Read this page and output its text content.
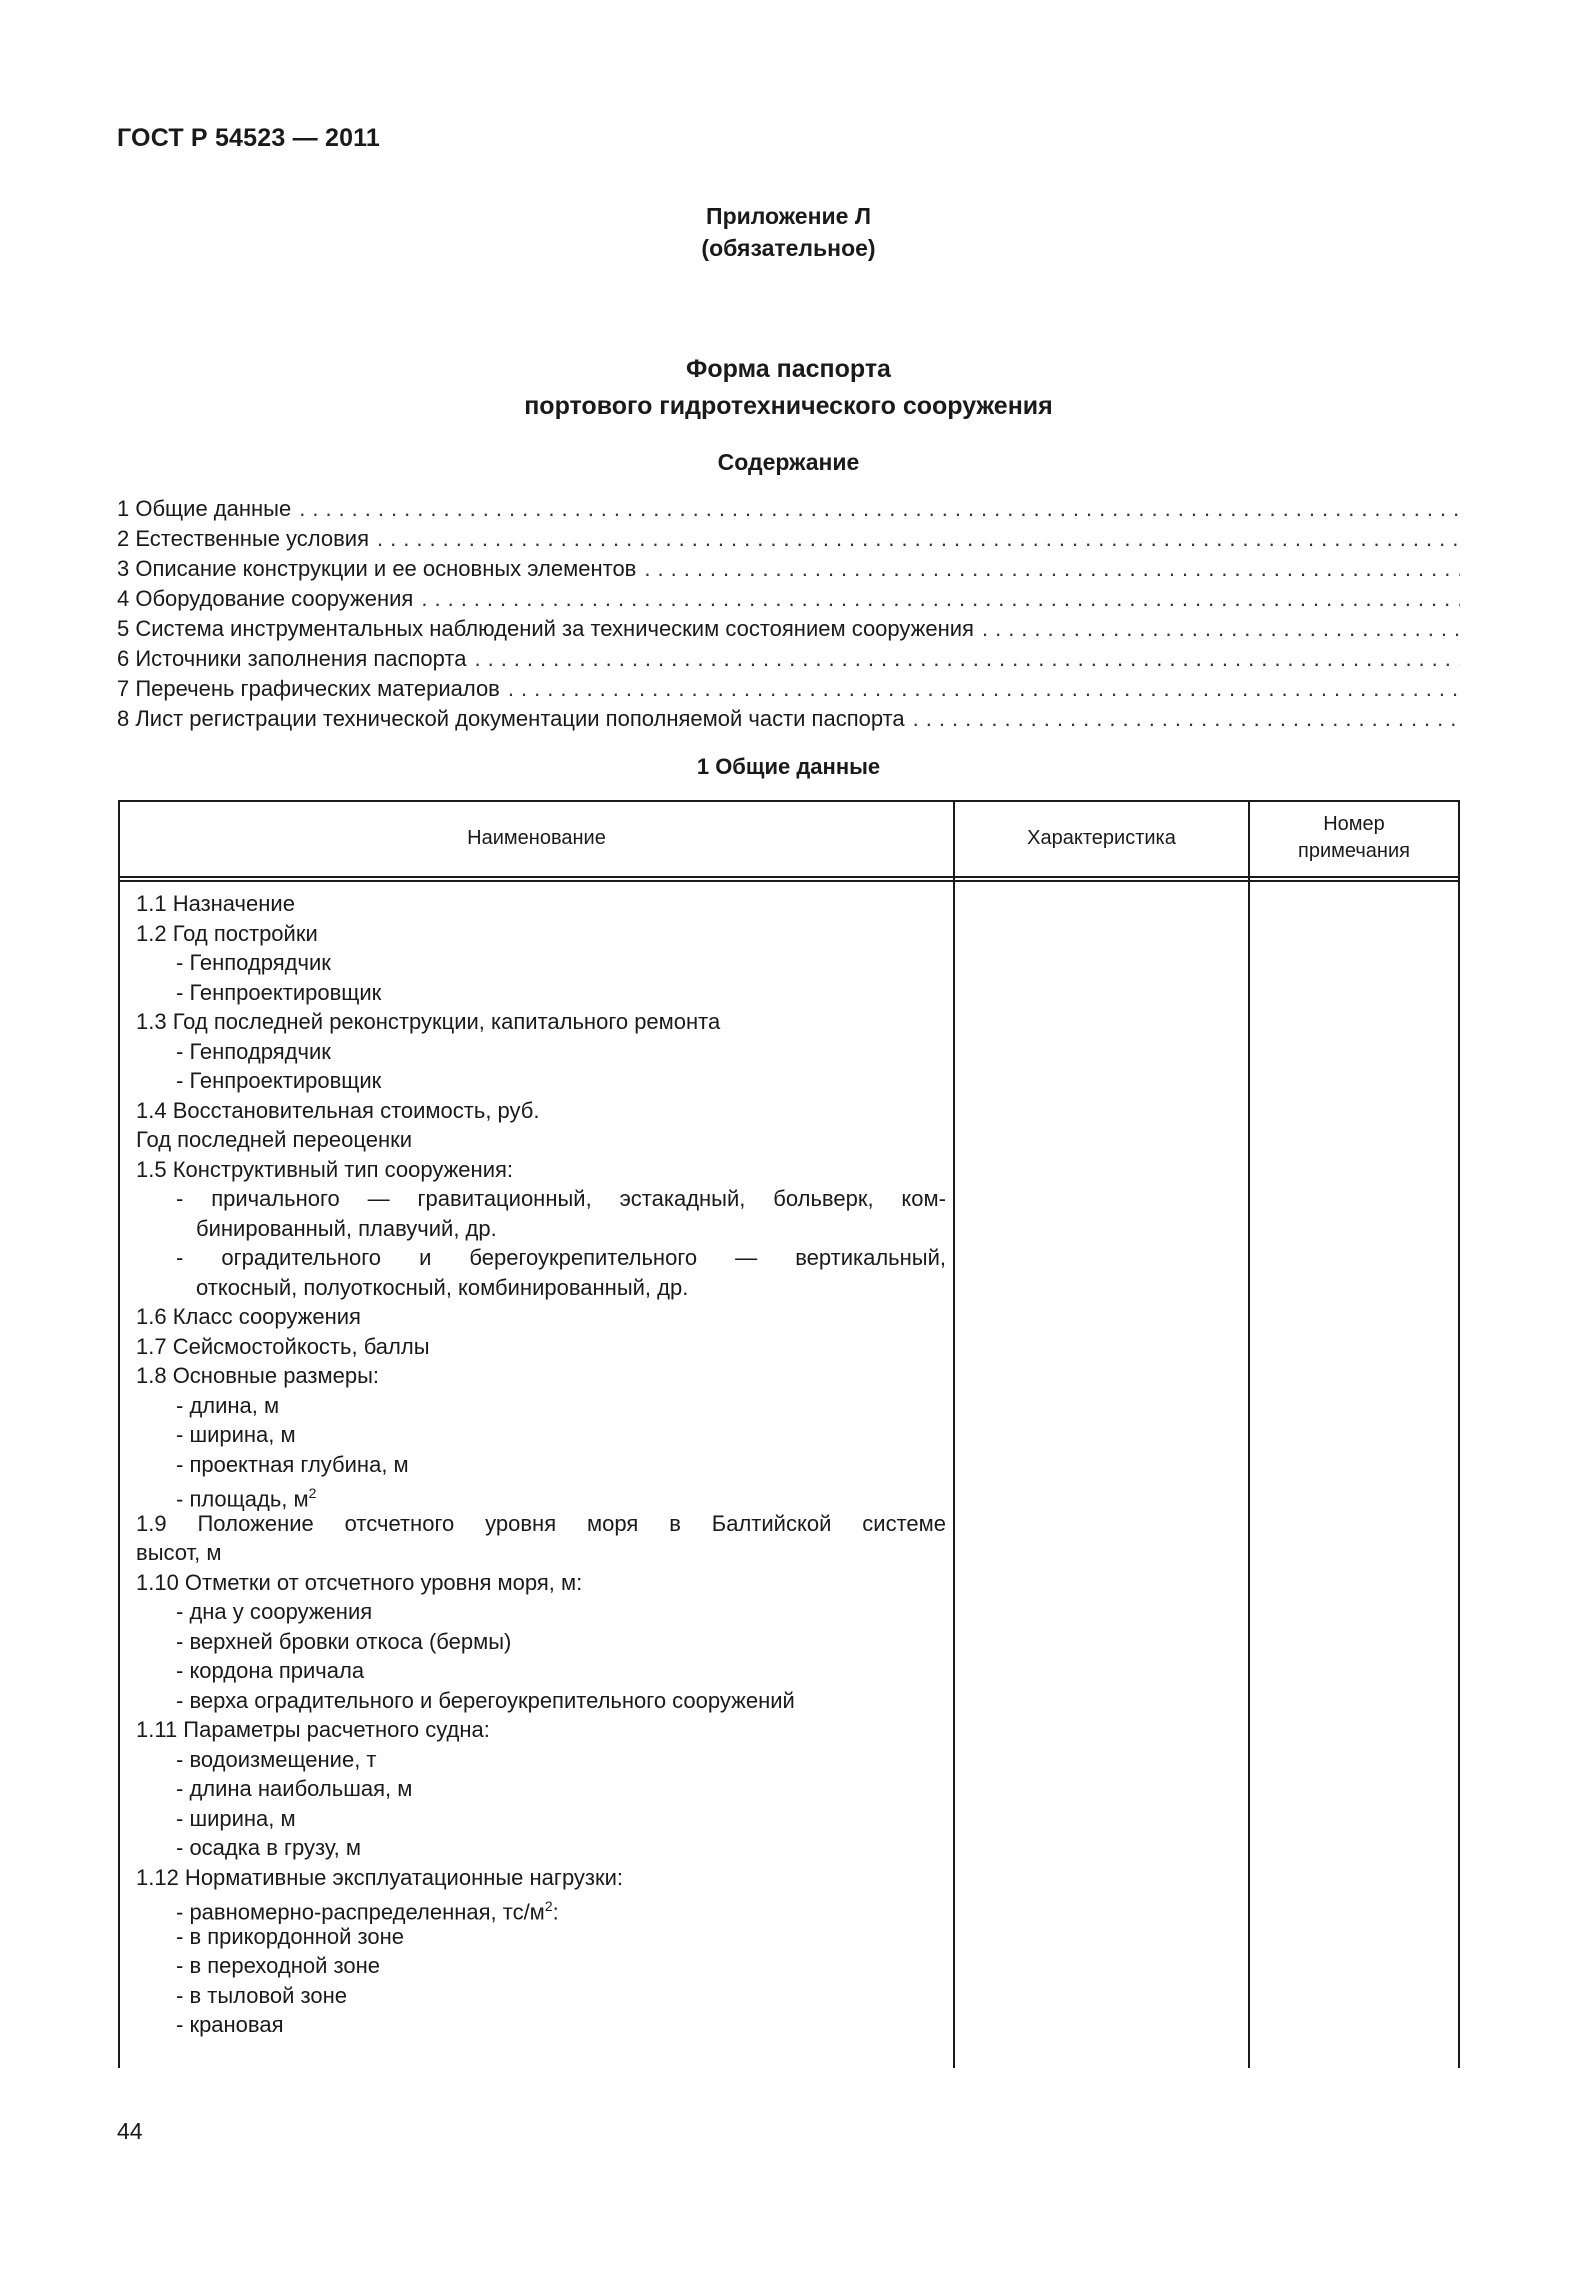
ГОСТ Р 54523 — 2011
Приложение Л
(обязательное)
Форма паспорта
портового гидротехнического сооружения
Содержание
1 Общие данные
.....
2 Естественные условия
.....
3 Описание конструкции и ее основных элементов
.....
4 Оборудование сооружения
.....
5 Система инструментальных наблюдений за техническим состоянием сооружения
.....
6 Источники заполнения паспорта
.....
7 Перечень графических материалов
.....
8 Лист регистрации технической документации пополняемой части паспорта
.....
1 Общие данные
Наименование	Характеристика
Номер
примечания
1.1 Назначение
1.2 Год постройки
- Генподрядчик
- Генпроектировщик
1.3 Год последней реконструкции, капитального ремонта
- Генподрядчик
- Генпроектировщик
1.4 Восстановительная стоимость, руб.
Год последней переоценки
1.5 Конструктивный тип сооружения:
- причального — гравитационный, эстакадный, больверк, ком-
бинированный, плавучий, др.
- оградительного и берегоукрепительного — вертикальный,
откосный, полуоткосный, комбинированный, др.
1.6 Класс сооружения
1.7 Сейсмостойкость, баллы
1.8 Основные размеры:
- длина, м
- ширина, м
- проектная глубина, м
- площадь, $м^2$
1.9 Положение отсчетного уровня моря в Балтийской системе
высот, м
1.10 Отметки от отсчетного уровня моря, м:
- дна у сооружения
- верхней бровки откоса (бермы)
- кордона причала
- верха оградительного и берегоукрепительного сооружений
1.11 Параметры расчетного судна:
- водоизмещение, т
- длина наибольшая, м
- ширина, м
- осадка в грузу, м
1.12 Нормативные эксплуатационные нагрузки:
- равномерно-распределенная, $тс/м^2$:
- в прикордонной зоне
- в переходной зоне
- в тыловой зоне
- крановая
44
